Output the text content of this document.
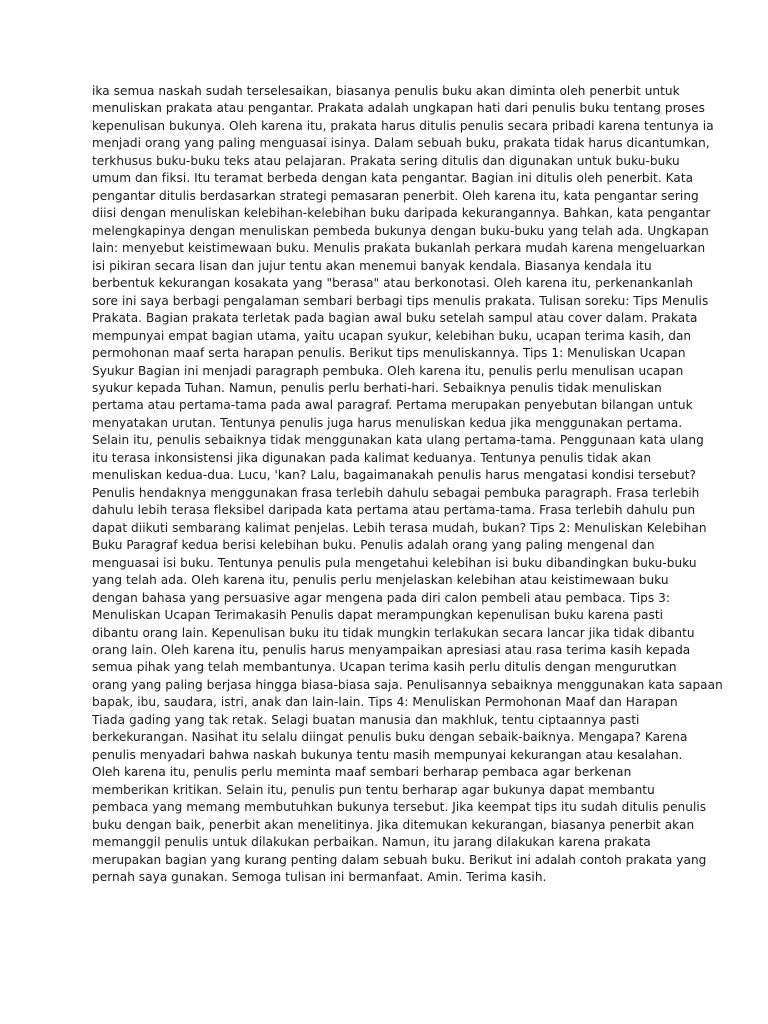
ika semua naskah sudah terselesaikan, biasanya penulis buku akan diminta oleh penerbit untuk
menuliskan prakata atau pengantar. Prakata adalah ungkapan hati dari penulis buku tentang proses
kepenulisan bukunya. Oleh karena itu, prakata harus ditulis penulis secara pribadi karena tentunya ia
menjadi orang yang paling menguasai isinya. Dalam sebuah buku, prakata tidak harus dicantumkan,
terkhusus buku-buku teks atau pelajaran. Prakata sering ditulis dan digunakan untuk buku-buku
umum dan fiksi. Itu teramat berbeda dengan kata pengantar. Bagian ini ditulis oleh penerbit. Kata
pengantar ditulis berdasarkan strategi pemasaran penerbit. Oleh karena itu, kata pengantar sering
diisi dengan menuliskan kelebihan-kelebihan buku daripada kekurangannya. Bahkan, kata pengantar
melengkapinya dengan menuliskan pembeda bukunya dengan buku-buku yang telah ada. Ungkapan
lain: menyebut keistimewaan buku. Menulis prakata bukanlah perkara mudah karena mengeluarkan
isi pikiran secara lisan dan jujur tentu akan menemui banyak kendala. Biasanya kendala itu
berbentuk kekurangan kosakata yang "berasa" atau berkonotasi. Oleh karena itu, perkenankanlah
sore ini saya berbagi pengalaman sembari berbagi tips menulis prakata. Tulisan soreku: Tips Menulis
Prakata. Bagian prakata terletak pada bagian awal buku setelah sampul atau cover dalam. Prakata
mempunyai empat bagian utama, yaitu ucapan syukur, kelebihan buku, ucapan terima kasih, dan
permohonan maaf serta harapan penulis. Berikut tips menuliskannya. Tips 1: Menuliskan Ucapan
Syukur Bagian ini menjadi paragraph pembuka. Oleh karena itu, penulis perlu menulisan ucapan
syukur kepada Tuhan. Namun, penulis perlu berhati-hari. Sebaiknya penulis tidak menuliskan
pertama atau pertama-tama pada awal paragraf. Pertama merupakan penyebutan bilangan untuk
menyatakan urutan. Tentunya penulis juga harus menuliskan kedua jika menggunakan pertama.
Selain itu, penulis sebaiknya tidak menggunakan kata ulang pertama-tama. Penggunaan kata ulang
itu terasa inkonsistensi jika digunakan pada kalimat keduanya. Tentunya penulis tidak akan
menuliskan kedua-dua. Lucu, 'kan? Lalu, bagaimanakah penulis harus mengatasi kondisi tersebut?
Penulis hendaknya menggunakan frasa terlebih dahulu sebagai pembuka paragraph. Frasa terlebih
dahulu lebih terasa fleksibel daripada kata pertama atau pertama-tama. Frasa terlebih dahulu pun
dapat diikuti sembarang kalimat penjelas. Lebih terasa mudah, bukan? Tips 2: Menuliskan Kelebihan
Buku Paragraf kedua berisi kelebihan buku. Penulis adalah orang yang paling mengenal dan
menguasai isi buku. Tentunya penulis pula mengetahui kelebihan isi buku dibandingkan buku-buku
yang telah ada. Oleh karena itu, penulis perlu menjelaskan kelebihan atau keistimewaan buku
dengan bahasa yang persuasive agar mengena pada diri calon pembeli atau pembaca. Tips 3:
Menuliskan Ucapan Terimakasih Penulis dapat merampungkan kepenulisan buku karena pasti
dibantu orang lain. Kepenulisan buku itu tidak mungkin terlakukan secara lancar jika tidak dibantu
orang lain. Oleh karena itu, penulis harus menyampaikan apresiasi atau rasa terima kasih kepada
semua pihak yang telah membantunya. Ucapan terima kasih perlu ditulis dengan mengurutkan
orang yang paling berjasa hingga biasa-biasa saja. Penulisannya sebaiknya menggunakan kata sapaan
bapak, ibu, saudara, istri, anak dan lain-lain. Tips 4: Menuliskan Permohonan Maaf dan Harapan
Tiada gading yang tak retak. Selagi buatan manusia dan makhluk, tentu ciptaannya pasti
berkekurangan. Nasihat itu selalu diingat penulis buku dengan sebaik-baiknya. Mengapa? Karena
penulis menyadari bahwa naskah bukunya tentu masih mempunyai kekurangan atau kesalahan.
Oleh karena itu, penulis perlu meminta maaf sembari berharap pembaca agar berkenan
memberikan kritikan. Selain itu, penulis pun tentu berharap agar bukunya dapat membantu
pembaca yang memang membutuhkan bukunya tersebut. Jika keempat tips itu sudah ditulis penulis
buku dengan baik, penerbit akan menelitinya. Jika ditemukan kekurangan, biasanya penerbit akan
memanggil penulis untuk dilakukan perbaikan. Namun, itu jarang dilakukan karena prakata
merupakan bagian yang kurang penting dalam sebuah buku. Berikut ini adalah contoh prakata yang
pernah saya gunakan. Semoga tulisan ini bermanfaat. Amin. Terima kasih.
